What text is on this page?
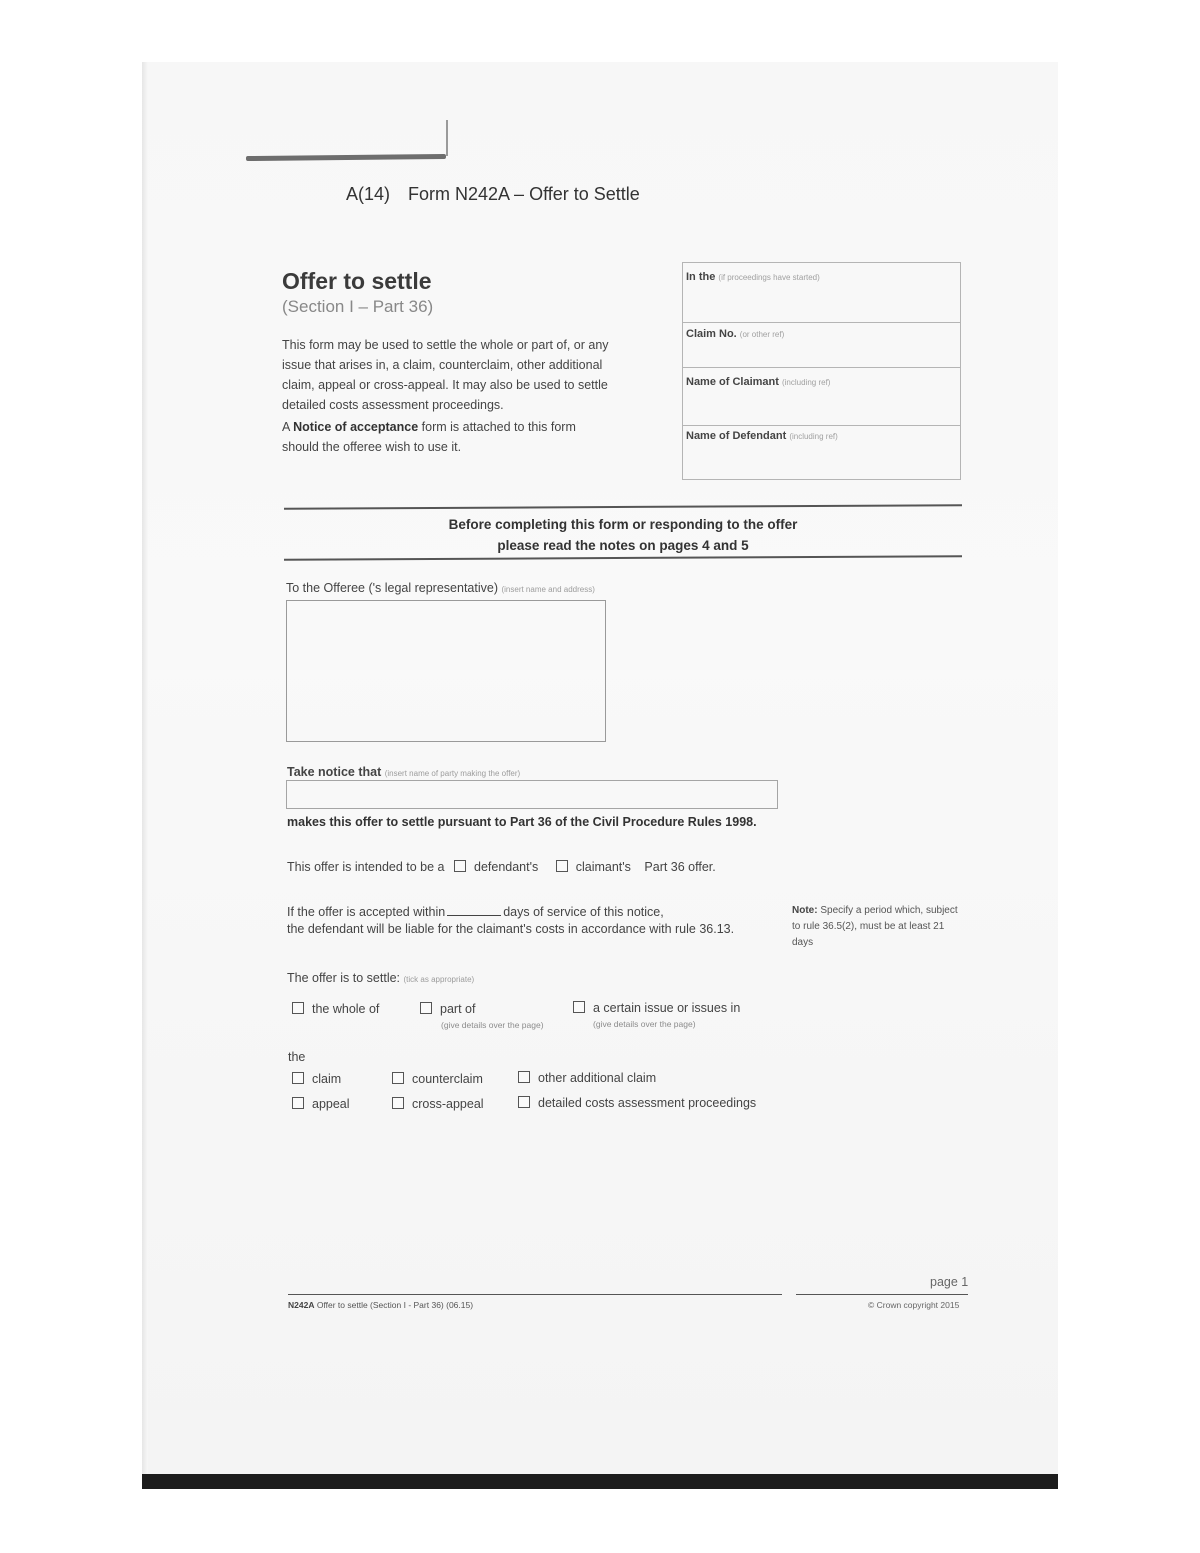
A(14) Form N242A – Offer to Settle
Offer to settle
(Section I – Part 36)
This form may be used to settle the whole or part of, or any issue that arises in, a claim, counterclaim, other additional claim, appeal or cross-appeal. It may also be used to settle detailed costs assessment proceedings.
A Notice of acceptance form is attached to this form should the offeree wish to use it.
In the (if proceedings have started)
Claim No. (or other ref)
Name of Claimant (including ref)
Name of Defendant (including ref)
Before completing this form or responding to the offer
please read the notes on pages 4 and 5
To the Offeree ('s legal representative) (insert name and address)
Take notice that (insert name of party making the offer)
makes this offer to settle pursuant to Part 36 of the Civil Procedure Rules 1998.
This offer is intended to be a defendant's	claimant's Part 36 offer.
If the offer is accepted within	days of service of this notice,
the defendant will be liable for the claimant's costs in accordance with rule 36.13.
Note: Specify a period which, subject to rule 36.5(2), must be at least 21 days
The offer is to settle: (tick as appropriate)
the whole of	part of
(give details over the page)
a certain issue or issues in
(give details over the page)
the
claim	counterclaim	other additional claim
appeal	cross-appeal	detailed costs assessment proceedings
page 1
N242A Offer to settle (Section I - Part 36) (06.15)	© Crown copyright 2015
